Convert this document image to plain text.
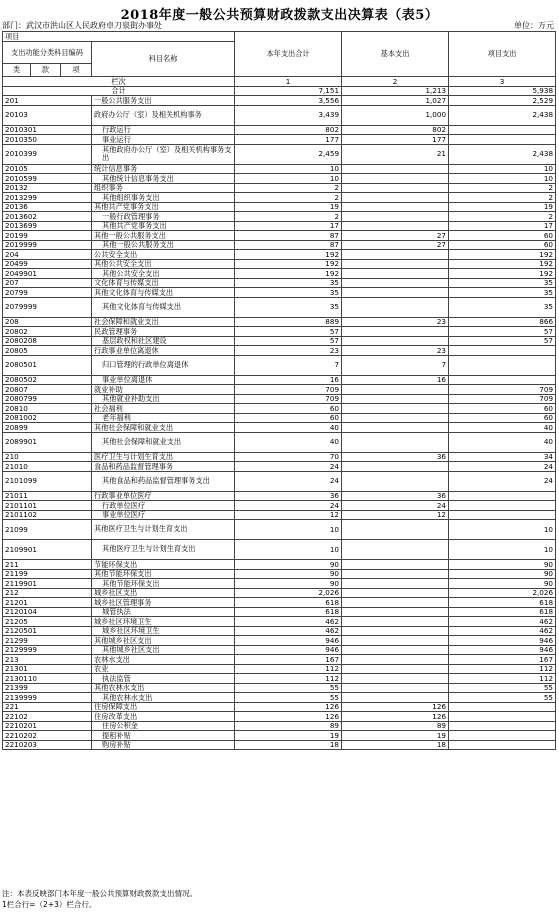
2018年度一般公共预算财政拨款支出决算表（表5）
部门：武汉市洪山区人民政府卓刀泉街办事处	单位：万元
项目				本年支出合计	基本支出	项目支出
支出功能分类科目编码			科目名称			
类	款	项				
栏次				1	2	3
合计				7,151	1,213	5,938
201			一般公共服务支出	3,556	1,027	2,529
20103			政府办公厅（室）及相关机构事务	3,439	1,000	2,438
2010301			行政运行	802	802	
2010350			事业运行	177	177	
2010399			其他政府办公厅（室）及相关机构事务支出	2,459	21	2,438
20105			统计信息事务	10		10
2010599			其他统计信息事务支出	10		10
20132			组织事务	2		2
2013299			其他组织事务支出	2		2
20136			其他共产党事务支出	19		19
2013602			一般行政管理事务	2		2
2013699			其他共产党事务支出	17		17
20199			其他一般公共服务支出	87	27	60
2019999			其他一般公共服务支出	87	27	60
204			公共安全支出	192		192
20499			其他公共安全支出	192		192
2049901			其他公共安全支出	192		192
207			文化体育与传媒支出	35		35
20799			其他文化体育与传媒支出	35		35
2079999			其他文化体育与传媒支出	35		35
208			社会保障和就业支出	889	23	866
20802			民政管理事务	57		57
2080208			基层政权和社区建设	57		57
20805			行政事业单位离退休	23	23	
2080501			归口管理的行政单位离退休	7	7	
2080502			事业单位离退休	16	16	
20807			就业补助	709		709
2080799			其他就业补助支出	709		709
20810			社会福利	60		60
2081002			老年福利	60		60
20899			其他社会保障和就业支出	40		40
2089901			其他社会保障和就业支出	40		40
210			医疗卫生与计划生育支出	70	36	34
21010			食品和药品监督管理事务	24		24
2101099			其他食品和药品监督管理事务支出	24		24
21011			行政事业单位医疗	36	36	
2101101			行政单位医疗	24	24	
2101102			事业单位医疗	12	12	
21099			其他医疗卫生与计划生育支出	10		10
2109901			其他医疗卫生与计划生育支出	10		10
211			节能环保支出	90		90
21199			其他节能环保支出	90		90
2119901			其他节能环保支出	90		90
212			城乡社区支出	2,026		2,026
21201			城乡社区管理事务	618		618
2120104			城管执法	618		618
21205			城乡社区环境卫生	462		462
2120501			城乡社区环境卫生	462		462
21299			其他城乡社区支出	946		946
2129999			其他城乡社区支出	946		946
213			农林水支出	167		167
21301			农业	112		112
2130110			执法监管	112		112
21399			其他农林水支出	55		55
2139999			其他农林水支出	55		55
221			住房保障支出	126	126	
22102			住房改革支出	126	126	
2210201			住房公积金	89	89	
2210202			提租补贴	19	19	
2210203			购房补贴	18	18	
注：本表反映部门本年度一般公共预算财政拨款支出情况。
1栏合行=（2+3）栏合行。
